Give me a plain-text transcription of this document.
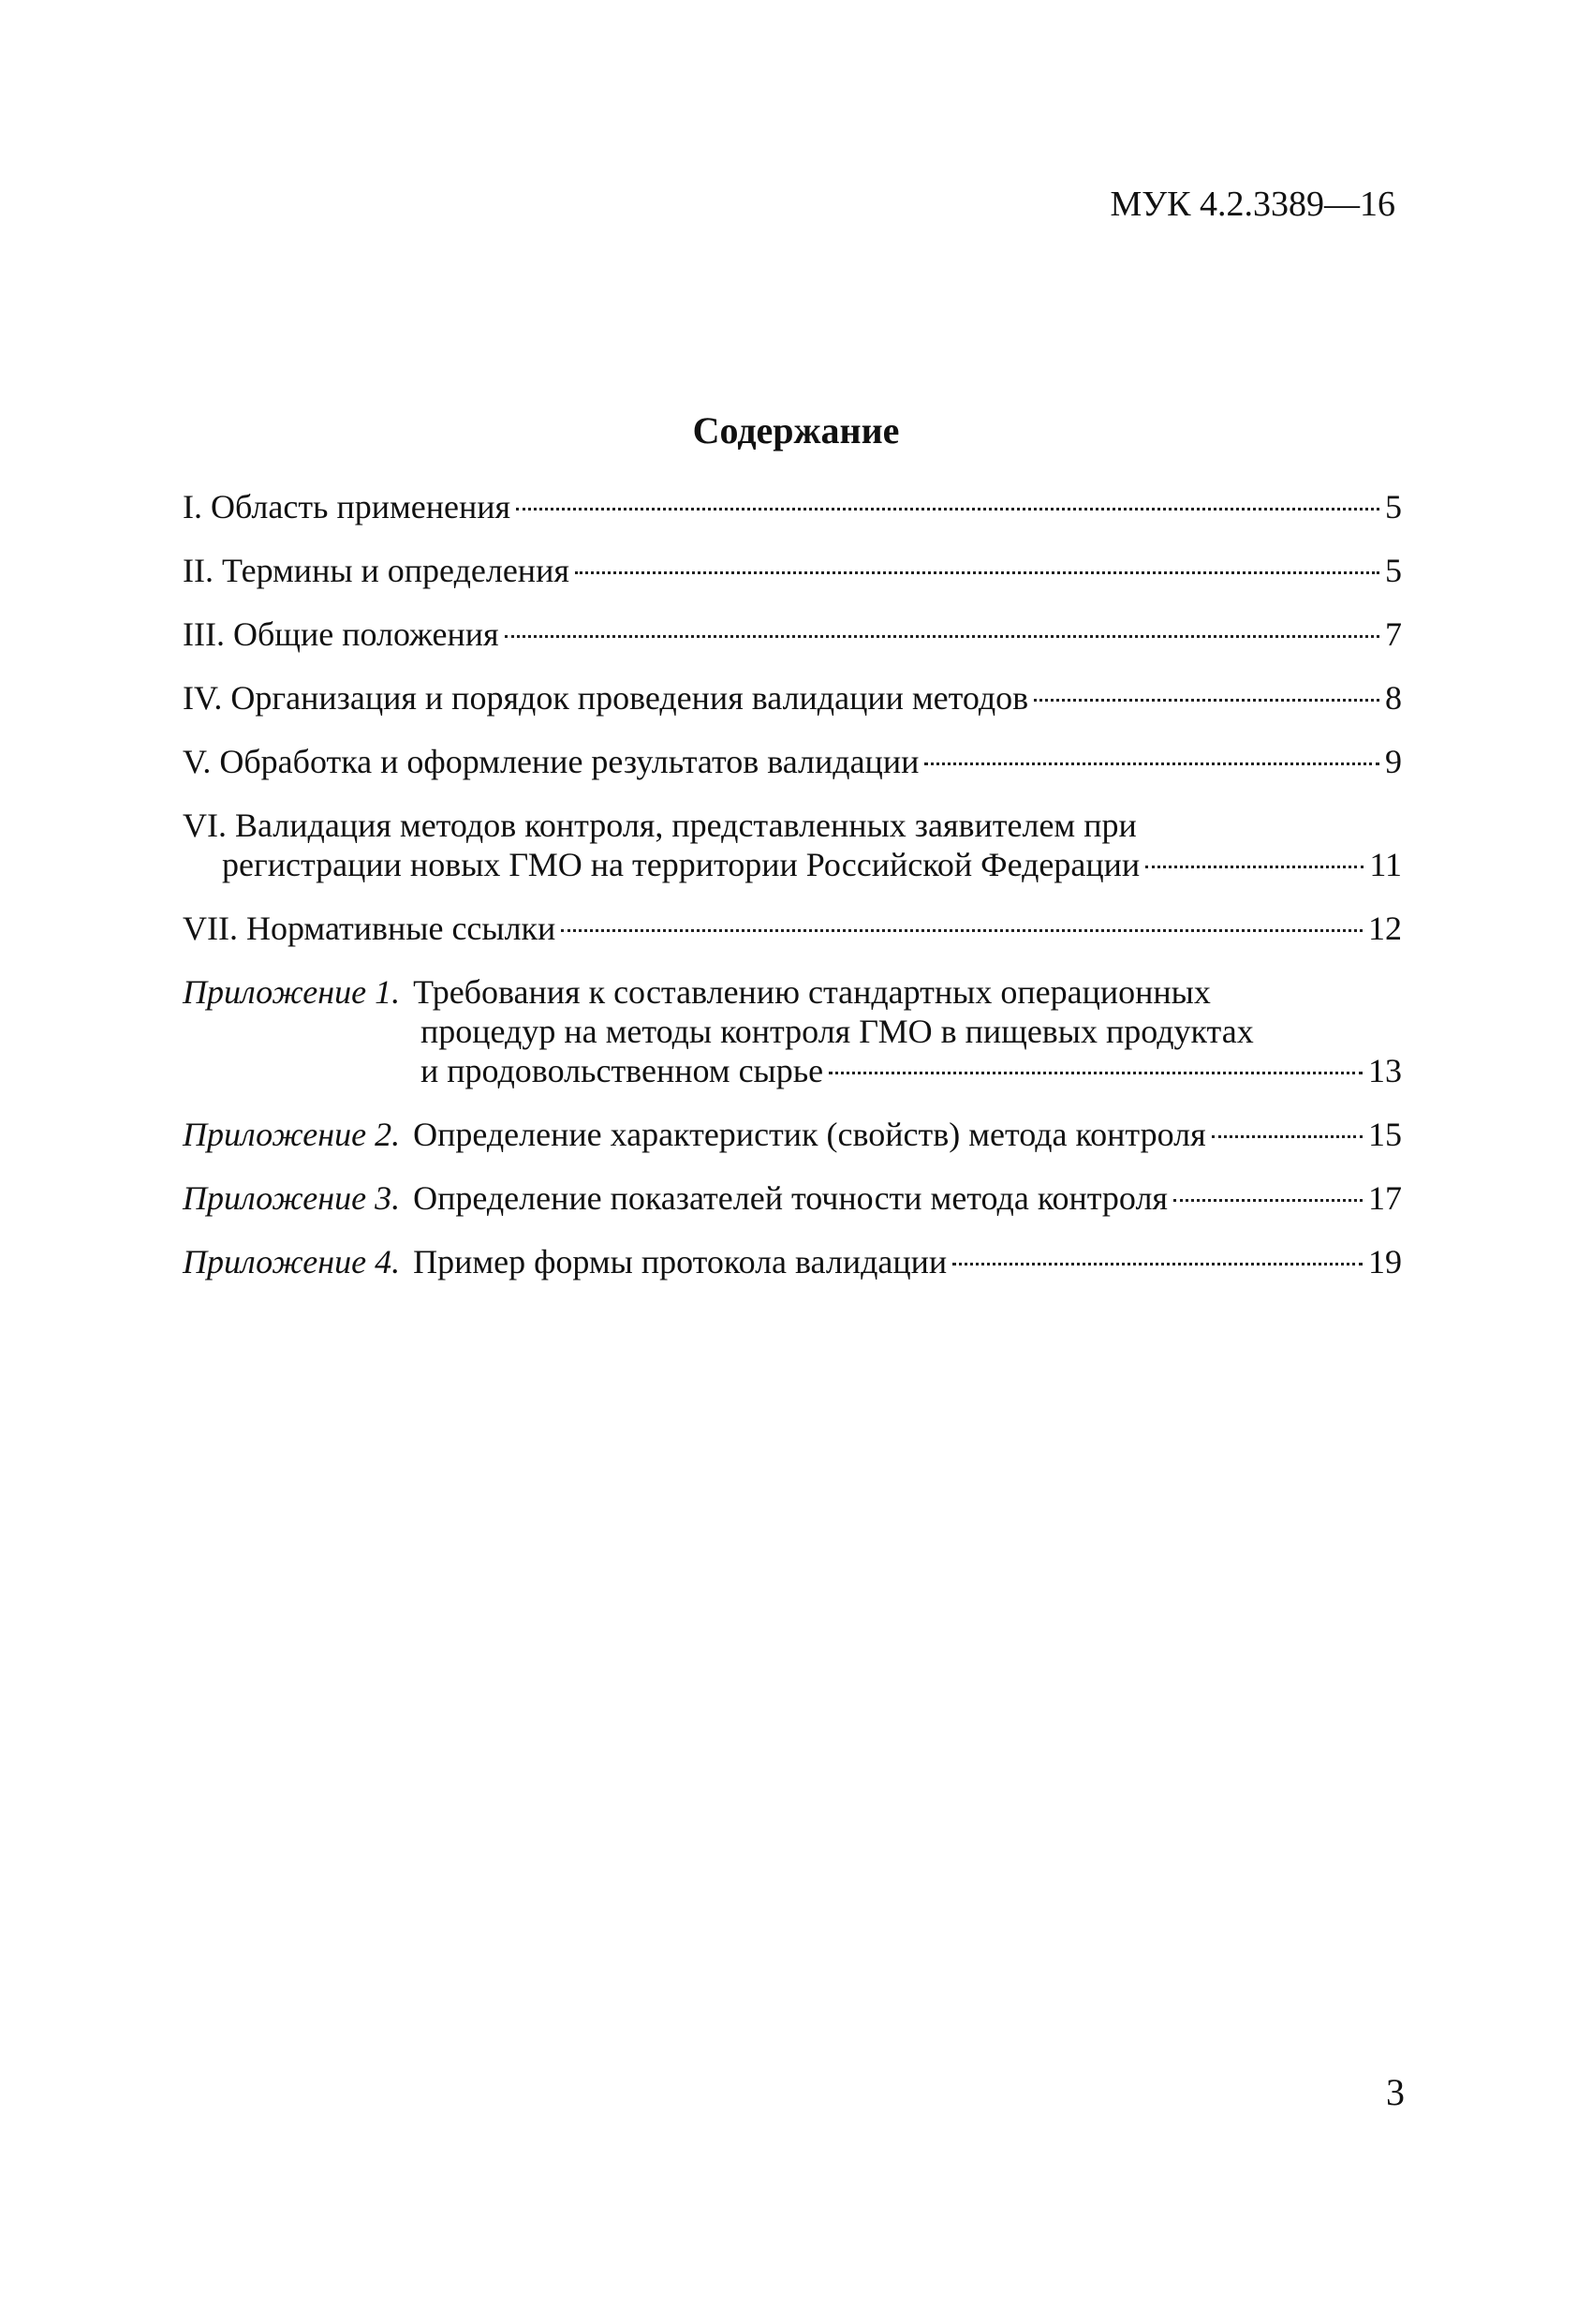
МУК 4.2.3389—16
Содержание
I. Область применения	5
II. Термины и определения	5
III. Общие положения	7
IV. Организация и порядок проведения валидации методов	8
V. Обработка и оформление результатов валидации	9
VI. Валидация методов контроля, представленных заявителем при
регистрации новых ГМО на территории Российской Федерации	11
VII. Нормативные ссылки	12
Приложение 1. Требования к составлению стандартных операционных
процедур на методы контроля ГМО в пищевых продуктах
и продовольственном сырье	13
Приложение 2. Определение характеристик (свойств) метода контроля	15
Приложение 3. Определение показателей точности метода контроля	17
Приложение 4. Пример формы протокола валидации	19
3
